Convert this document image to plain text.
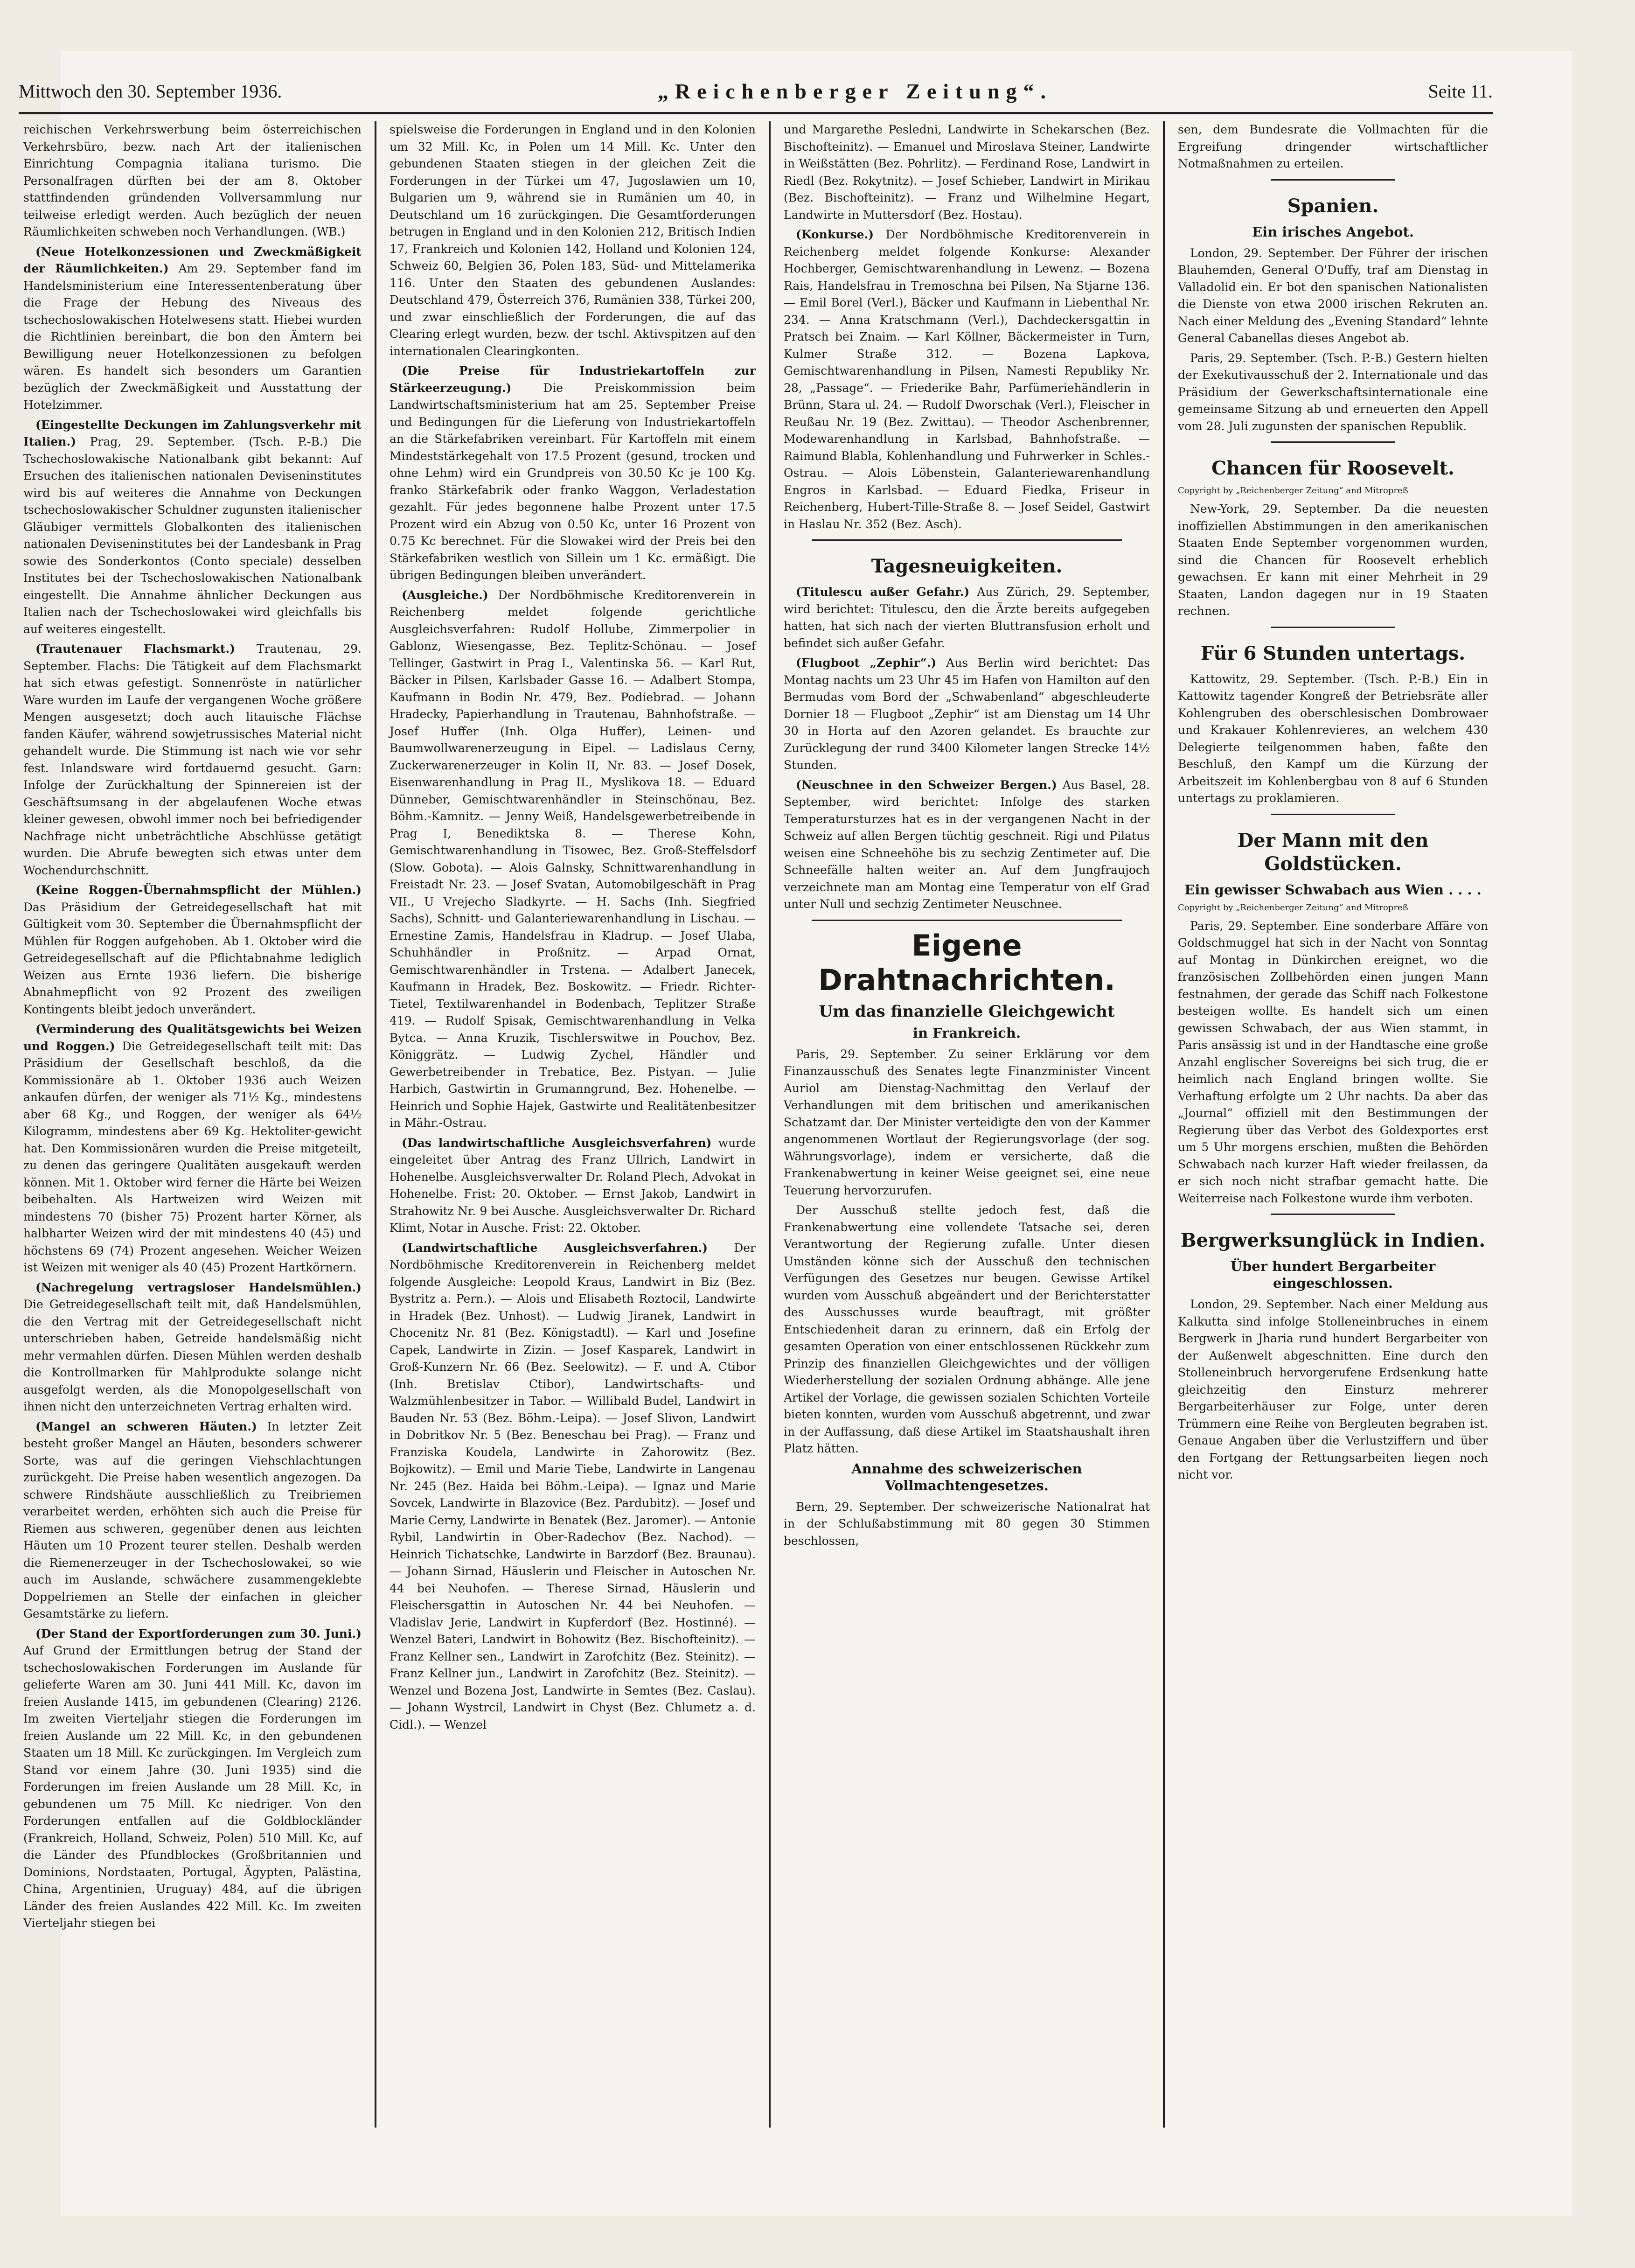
Mittwoch den 30. September 1936.	„Reichenberger Zeitung“.	Seite 11.

reichischen Verkehrswerbung beim österreichischen Verkehrsbüro, bezw. nach Art der italienischen Einrichtung Compagnia italiana turismo. Die Personalfragen dürften bei der am 8. Oktober stattfindenden gründenden Vollversammlung nur teilweise erledigt werden. Auch bezüglich der neuen Räumlichkeiten schweben noch Verhandlungen. (WB.)

(Neue Hotelkonzessionen und Zweckmäßigkeit der Räumlichkeiten.) Am 29. September fand im Handelsministerium eine Interessentenberatung über die Frage der Hebung des Niveaus des tschechoslowakischen Hotelwesens statt. Hiebei wurden die Richtlinien bereinbart, die bon den Ämtern bei Bewilligung neuer Hotelkonzessionen zu befolgen wären. Es handelt sich besonders um Garantien bezüglich der Zweckmäßigkeit und Ausstattung der Hotelzimmer.

(Eingestellte Deckungen im Zahlungsverkehr mit Italien.) Prag, 29. September. (Tsch. P.-B.) Die Tschechoslowakische Nationalbank gibt bekannt: Auf Ersuchen des italienischen nationalen Deviseninstitutes wird bis auf weiteres die Annahme von Deckungen tschechoslowakischer Schuldner zugunsten italienischer Gläubiger vermittels Globalkonten des italienischen nationalen Deviseninstitutes bei der Landesbank in Prag sowie des Sonderkontos (Conto speciale) desselben Institutes bei der Tschechoslowakischen Nationalbank eingestellt. Die Annahme ähnlicher Deckungen aus Italien nach der Tschechoslowakei wird gleichfalls bis auf weiteres eingestellt.

(Trautenauer Flachsmarkt.) Trautenau, 29. September. Flachs: Die Tätigkeit auf dem Flachsmarkt hat sich etwas gefestigt. Sonnenröste in natürlicher Ware wurden im Laufe der vergangenen Woche größere Mengen ausgesetzt; doch auch litauische Flächse fanden Käufer, während sowjetrussisches Material nicht gehandelt wurde. Die Stimmung ist nach wie vor sehr fest. Inlandsware wird fortdauernd gesucht. Garn: Infolge der Zurückhaltung der Spinnereien ist der Geschäftsumsang in der abgelaufenen Woche etwas kleiner gewesen, obwohl immer noch bei befriedigender Nachfrage nicht unbeträchtliche Abschlüsse getätigt wurden. Die Abrufe bewegten sich etwas unter dem Wochendurchschnitt.

(Keine Roggen-Übernahmspflicht der Mühlen.) Das Präsidium der Getreidegesellschaft hat mit Gültigkeit vom 30. September die Übernahmspflicht der Mühlen für Roggen aufgehoben. Ab 1. Oktober wird die Getreidegesellschaft auf die Pflichtabnahme lediglich Weizen aus Ernte 1936 liefern. Die bisherige Abnahmepflicht von 92 Prozent des zweiligen Kontingents bleibt jedoch unverändert.

(Verminderung des Qualitätsgewichts bei Weizen und Roggen.) Die Getreidegesellschaft teilt mit: Das Präsidium der Gesellschaft beschloß, da die Kommissionäre ab 1. Oktober 1936 auch Weizen ankaufen dürfen, der weniger als 71½ Kg., mindestens aber 68 Kg., und Roggen, der weniger als 64½ Kilogramm, mindestens aber 69 Kg. Hektoliter-gewicht hat. Den Kommissionären wurden die Preise mitgeteilt, zu denen das geringere Qualitäten ausgekauft werden können. Mit 1. Oktober wird ferner die Härte bei Weizen beibehalten. Als Hartweizen wird Weizen mit mindestens 70 (bisher 75) Prozent harter Körner, als halbharter Weizen wird der mit mindestens 40 (45) und höchstens 69 (74) Prozent angesehen. Weicher Weizen ist Weizen mit weniger als 40 (45) Prozent Hartkörnern.

(Nachregelung vertragsloser Handelsmühlen.) Die Getreidegesellschaft teilt mit, daß Handelsmühlen, die den Vertrag mit der Getreidegesellschaft nicht unterschrieben haben, Getreide handelsmäßig nicht mehr vermahlen dürfen. Diesen Mühlen werden deshalb die Kontrollmarken für Mahlprodukte solange nicht ausgefolgt werden, als die Monopolgesellschaft von ihnen nicht den unterzeichneten Vertrag erhalten wird.

(Mangel an schweren Häuten.) In letzter Zeit besteht großer Mangel an Häuten, besonders schwerer Sorte, was auf die geringen Viehschlachtungen zurückgeht. Die Preise haben wesentlich angezogen. Da schwere Rindshäute ausschließlich zu Treibriemen verarbeitet werden, erhöhten sich auch die Preise für Riemen aus schweren, gegenüber denen aus leichten Häuten um 10 Prozent teurer stellen. Deshalb werden die Riemenerzeuger in der Tschechoslowakei, so wie auch im Auslande, schwächere zusammengeklebte Doppelriemen an Stelle der einfachen in gleicher Gesamtstärke zu liefern.

(Der Stand der Exportforderungen zum 30. Juni.) Auf Grund der Ermittlungen betrug der Stand der tschechoslowakischen Forderungen im Auslande für gelieferte Waren am 30. Juni 441 Mill. Kc, davon im freien Auslande 1415, im gebundenen (Clearing) 2126. Im zweiten Vierteljahr stiegen die Forderungen im freien Auslande um 22 Mill. Kc, in den gebundenen Staaten um 18 Mill. Kc zurückgingen. Im Vergleich zum Stand vor einem Jahre (30. Juni 1935) sind die Forderungen im freien Auslande um 28 Mill. Kc, in gebundenen um 75 Mill. Kc niedriger. Von den Forderungen entfallen auf die Goldblockländer (Frankreich, Holland, Schweiz, Polen) 510 Mill. Kc, auf die Länder des Pfundblockes (Großbritannien und Dominions, Nordstaaten, Portugal, Ägypten, Palästina, China, Argentinien, Uruguay) 484, auf die übrigen Länder des freien Auslandes 422 Mill. Kc. Im zweiten Vierteljahr stiegen bei

spielsweise die Forderungen in England und in den Kolonien um 32 Mill. Kc, in Polen um 14 Mill. Kc. Unter den gebundenen Staaten stiegen in der gleichen Zeit die Forderungen in der Türkei um 47, Jugoslawien um 10, Bulgarien um 9, während sie in Rumänien um 40, in Deutschland um 16 zurückgingen. Die Gesamtforderungen betrugen in England und in den Kolonien 212, Britisch Indien 17, Frankreich und Kolonien 142, Holland und Kolonien 124, Schweiz 60, Belgien 36, Polen 183, Süd- und Mittelamerika 116. Unter den Staaten des gebundenen Auslandes: Deutschland 479, Österreich 376, Rumänien 338, Türkei 200, und zwar einschließlich der Forderungen, die auf das Clearing erlegt wurden, bezw. der tschl. Aktivspitzen auf den internationalen Clearingkonten.

(Die Preise für Industriekartoffeln zur Stärkeerzeugung.)	Die Preiskommission beim Landwirtschaftsministerium hat am 25. September Preise und Bedingungen für die Lieferung von Industriekartoffeln an die Stärkefabriken vereinbart. Für Kartoffeln mit einem Mindeststärkegehalt von 17.5 Prozent (gesund, trocken und ohne Lehm) wird ein Grundpreis von 30.50 Kc je 100 Kg. franko Stärkefabrik oder franko Waggon, Verladestation gezahlt. Für jedes begonnene halbe Prozent unter 17.5 Prozent wird ein Abzug von 0.50 Kc, unter 16 Prozent von 0.75 Kc berechnet. Für die Slowakei wird der Preis bei den Stärkefabriken westlich von Sillein um 1 Kc. ermäßigt. Die übrigen Bedingungen bleiben unverändert.

(Ausgleiche.) Der Nordböhmische Kreditorenverein in Reichenberg meldet folgende gerichtliche Ausgleichsverfahren: Rudolf Hollube, Zimmerpolier in Gablonz, Wiesengasse, Bez. Teplitz-Schönau. — Josef Tellinger, Gastwirt in Prag I., Valentinska 56. — Karl Rut, Bäcker in Pilsen, Karlsbader Gasse 16. — Adalbert Stompa, Kaufmann in Bodin Nr. 479, Bez. Podiebrad. — Johann Hradecky, Papierhandlung in Trautenau, Bahnhofstraße. — Josef Huffer (Inh. Olga Huffer), Leinen- und Baumwollwarenerzeugung in Eipel. — Ladislaus Cerny, Zuckerwarenerzeuger in Kolin II, Nr. 83. — Josef Dosek, Eisenwarenhandlung in Prag II., Myslikova 18. — Eduard Dünneber, Gemischtwarenhändler in Steinschönau, Bez. Böhm.-Kamnitz. — Jenny Weiß, Handelsgewerbetreibende in Prag I, Benediktska 8. — Therese Kohn, Gemischtwarenhandlung in Tisowec, Bez. Groß-Steffelsdorf (Slow. Gobota). — Alois Galnsky, Schnittwarenhandlung in Freistadt Nr. 23. — Josef Svatan, Automobilgeschäft in Prag VII., U Vrejecho Sladkyrte. — H. Sachs (Inh. Siegfried Sachs), Schnitt- und Galanteriewarenhandlung in Lischau. — Ernestine Zamis, Handelsfrau in Kladrup. — Josef Ulaba, Schuhhändler in Proßnitz. — Arpad Ornat, Gemischtwarenhändler in Trstena. — Adalbert Janecek, Kaufmann in Hradek, Bez. Boskowitz. — Friedr. Richter-Tietel, Textilwarenhandel in Bodenbach, Teplitzer Straße 419. — Rudolf Spisak, Gemischtwarenhandlung in Velka Bytca. — Anna Kruzik, Tischlerswitwe in Pouchov, Bez. Königgrätz. — Ludwig Zychel, Händler und Gewerbetreibender in Trebatice, Bez. Pistyan. — Julie Harbich, Gastwirtin in Grumanngrund, Bez. Hohenelbe. — Heinrich und Sophie Hajek, Gastwirte und Realitätenbesitzer in Mähr.-Ostrau.

(Das landwirtschaftliche Ausgleichsverfahren) wurde eingeleitet über Antrag des Franz Ullrich, Landwirt in Hohenelbe. Ausgleichsverwalter Dr. Roland Plech, Advokat in Hohenelbe. Frist: 20. Oktober. — Ernst Jakob, Landwirt in Strahowitz Nr. 9 bei Ausche. Ausgleichsverwalter Dr. Richard Klimt, Notar in Ausche. Frist: 22. Oktober.

(Landwirtschaftliche Ausgleichsverfahren.) Der Nordböhmische Kreditorenverein in Reichenberg meldet folgende Ausgleiche: Leopold Kraus, Landwirt in Biz (Bez. Bystritz a. Pern.). — Alois und Elisabeth Roztocil, Landwirte in Hradek (Bez. Unhost). — Ludwig Jiranek, Landwirt in Chocenitz Nr. 81 (Bez. Königstadtl). — Karl und Josefine Capek, Landwirte in Zizin. — Josef Kasparek, Landwirt in Groß-Kunzern Nr. 66 (Bez. Seelowitz). — F. und A. Ctibor (Inh. Bretislav Ctibor), Landwirtschafts- und Walzmühlenbesitzer in Tabor. — Willibald Budel, Landwirt in Bauden Nr. 53 (Bez. Böhm.-Leipa). — Josef Slivon, Landwirt in Dobritkov Nr. 5 (Bez. Beneschau bei Prag). — Franz und Franziska Koudela, Landwirte in Zahorowitz (Bez. Bojkowitz). — Emil und Marie Tiebe, Landwirte in Langenau Nr. 245 (Bez. Haida bei Böhm.-Leipa). — Ignaz und Marie Sovcek, Landwirte in Blazovice (Bez. Pardubitz). — Josef und Marie Cerny, Landwirte in Benatek (Bez. Jaromer). — Antonie Rybil, Landwirtin in Ober-Radechov (Bez. Nachod). — Heinrich Tichatschke, Landwirte in Barzdorf (Bez. Braunau). — Johann Sirnad, Häuslerin und Fleischer in Autoschen Nr. 44 bei Neuhofen. — Therese Sirnad, Häuslerin und Fleischersgattin in Autoschen Nr. 44 bei Neuhofen. — Vladislav Jerie, Landwirt in Kupferdorf (Bez. Hostinné). — Wenzel Bateri, Landwirt in Bohowitz (Bez. Bischofteinitz). — Franz Kellner sen., Landwirt in Zarofchitz (Bez. Steinitz). — Franz Kellner jun., Landwirt in Zarofchitz (Bez. Steinitz). — Wenzel und Bozena Jost, Landwirte in Semtes (Bez. Caslau). — Johann Wystrcil, Landwirt in Chyst (Bez. Chlumetz a. d. Cidl.). — Wenzel

und Margarethe Pesledni, Landwirte in Schekarschen (Bez. Bischofteinitz). — Emanuel und Miroslava Steiner, Landwirte in Weißstätten (Bez. Pohrlitz). — Ferdinand Rose, Landwirt in Riedl (Bez. Rokytnitz). — Josef Schieber, Landwirt in Mirikau (Bez. Bischofteinitz). — Franz und Wilhelmine Hegart, Landwirte in Muttersdorf (Bez. Hostau).

(Konkurse.) Der Nordböhmische Kreditorenverein in Reichenberg meldet folgende Konkurse: Alexander Hochberger, Gemischtwarenhandlung in Lewenz. — Bozena Rais, Handelsfrau in Tremoschna bei Pilsen, Na Stjarne 136. — Emil Borel (Verl.), Bäcker und Kaufmann in Liebenthal Nr. 234. — Anna Kratschmann (Verl.), Dachdeckersgattin in Pratsch bei Znaim. — Karl Köllner, Bäckermeister in Turn, Kulmer Straße 312. — Bozena Lapkova, Gemischtwarenhandlung in Pilsen, Namesti Republiky Nr. 28, „Passage“. — Friederike Bahr, Parfümeriehändlerin in Brünn, Stara ul. 24. — Rudolf Dworschak (Verl.), Fleischer in Reußau Nr. 19 (Bez. Zwittau). — Theodor Aschenbrenner, Modewarenhandlung in Karlsbad, Bahnhofstraße. — Raimund Blabla, Kohlenhandlung und Fuhrwerker in Schles.-Ostrau. — Alois Löbenstein, Galanteriewarenhandlung Engros in Karlsbad. — Eduard Fiedka, Friseur in Reichenberg, Hubert-Tille-Straße 8. — Josef Seidel, Gastwirt in Haslau Nr. 352 (Bez. Asch).

Tagesneuigkeiten.

(Titulescu außer Gefahr.) Aus Zürich, 29. September, wird berichtet: Titulescu, den die Ärzte bereits aufgegeben hatten, hat sich nach der vierten Bluttransfusion erholt und befindet sich außer Gefahr.

(Flugboot „Zephir“.) Aus Berlin wird berichtet: Das Montag nachts um 23 Uhr 45 im Hafen von Hamilton auf den Bermudas vom Bord der „Schwabenland“ abgeschleuderte Dornier 18 — Flugboot „Zephir“ ist am Dienstag um 14 Uhr 30 in Horta auf den Azoren gelandet. Es brauchte zur Zurücklegung der rund 3400 Kilometer langen Strecke 14½ Stunden.

(Neuschnee in den Schweizer Bergen.) Aus Basel, 28. September, wird berichtet: Infolge des starken Temperatursturzes hat es in der vergangenen Nacht in der Schweiz auf allen Bergen tüchtig geschneit. Rigi und Pilatus weisen eine Schneehöhe bis zu sechzig Zentimeter auf. Die Schneefälle halten weiter an. Auf dem Jungfraujoch verzeichnete man am Montag eine Temperatur von elf Grad unter Null und sechzig Zentimeter Neuschnee.

Eigene Drahtnachrichten.
Um das finanzielle Gleichgewicht
in Frankreich.

Paris, 29. September. Zu seiner Erklärung vor dem Finanzausschuß des Senates legte Finanzminister Vincent Auriol am Dienstag-Nachmittag den Verlauf der Verhandlungen mit dem britischen und amerikanischen Schatzamt dar. Der Minister verteidigte den von der Kammer angenommenen Wortlaut der Regierungsvorlage (der sog. Währungsvorlage), indem er versicherte, daß die Frankenabwertung in keiner Weise geeignet sei, eine neue Teuerung hervorzurufen.

Der Ausschuß stellte jedoch fest, daß die Frankenabwertung eine vollendete Tatsache sei, deren Verantwortung der Regierung zufalle. Unter diesen Umständen könne sich der Ausschuß den technischen Verfügungen des Gesetzes nur beugen. Gewisse Artikel wurden vom Ausschuß abgeändert und der Berichterstatter des Ausschusses wurde beauftragt, mit größter Entschiedenheit daran zu erinnern, daß ein Erfolg der gesamten Operation von einer entschlossenen Rückkehr zum Prinzip des finanziellen Gleichgewichtes und der völligen Wiederherstellung der sozialen Ordnung abhänge. Alle jene Artikel der Vorlage, die gewissen sozialen Schichten Vorteile bieten konnten, wurden vom Ausschuß abgetrennt, und zwar in der Auffassung, daß diese Artikel im Staatshaushalt ihren Platz hätten.

Annahme des schweizerischen Vollmachtengesetzes.

Bern, 29. September. Der schweizerische Nationalrat hat in der Schlußabstimmung mit 80 gegen 30 Stimmen beschlossen,

sen, dem Bundesrate die Vollmachten für die Ergreifung dringender wirtschaftlicher Notmaßnahmen zu erteilen.

Spanien.
Ein irisches Angebot.

London, 29. September. Der Führer der irischen Blauhemden, General O'Duffy, traf am Dienstag in Valladolid ein. Er bot den spanischen Nationalisten die Dienste von etwa 2000 irischen Rekruten an. Nach einer Meldung des „Evening Standard“ lehnte General Cabanellas dieses Angebot ab.

Paris, 29. September. (Tsch. P.-B.) Gestern hielten der Exekutivausschuß der 2. Internationale und das Präsidium der Gewerkschaftsinternationale eine gemeinsame Sitzung ab und erneuerten den Appell vom 28. Juli zugunsten der spanischen Republik.

Chancen für Roosevelt.
Copyright by „Reichenberger Zeitung“ and Mitropreß

New-York, 29. September. Da die neuesten inoffiziellen Abstimmungen in den amerikanischen Staaten Ende September vorgenommen wurden, sind die Chancen für Roosevelt erheblich gewachsen. Er kann mit einer Mehrheit in 29 Staaten, Landon dagegen nur in 19 Staaten rechnen.

Für 6 Stunden untertags.

Kattowitz, 29. September. (Tsch. P.-B.) Ein in Kattowitz tagender Kongreß der Betriebsräte aller Kohlengruben des oberschlesischen Dombrowaer und Krakauer Kohlenrevieres, an welchem 430 Delegierte teilgenommen haben, faßte den Beschluß, den Kampf um die Kürzung der Arbeitszeit im Kohlenbergbau von 8 auf 6 Stunden untertags zu proklamieren.

Der Mann mit den Goldstücken.
Ein gewisser Schwabach aus Wien . . . .
Copyright by „Reichenberger Zeitung“ and Mitropreß

Paris, 29. September. Eine sonderbare Affäre von Goldschmuggel hat sich in der Nacht von Sonntag auf Montag in Dünkirchen ereignet, wo die französischen Zollbehörden einen jungen Mann festnahmen, der gerade das Schiff nach Folkestone besteigen wollte. Es handelt sich um einen gewissen Schwabach, der aus Wien stammt, in Paris ansässig ist und in der Handtasche eine große Anzahl englischer Sovereigns bei sich trug, die er heimlich nach England bringen wollte. Sie Verhaftung erfolgte um 2 Uhr nachts. Da aber das „Journal“ offiziell mit den Bestimmungen der Regierung über das Verbot des Goldexportes erst um 5 Uhr morgens erschien, mußten die Behörden Schwabach nach kurzer Haft wieder freilassen, da er sich noch nicht strafbar gemacht hatte. Die Weiterreise nach Folkestone wurde ihm verboten.

Bergwerksunglück in Indien.
Über hundert Bergarbeiter eingeschlossen.

London, 29. September. Nach einer Meldung aus Kalkutta sind infolge Stolleneinbruches in einem Bergwerk in Jharia rund hundert Bergarbeiter von der Außenwelt abgeschnitten. Eine durch den Stolleneinbruch hervorgerufene Erdsenkung hatte gleichzeitig den Einsturz mehrerer Bergarbeiterhäuser zur Folge, unter deren Trümmern eine Reihe von Bergleuten begraben ist. Genaue Angaben über die Verlustziffern und über den Fortgang der Rettungsarbeiten liegen noch nicht vor.
